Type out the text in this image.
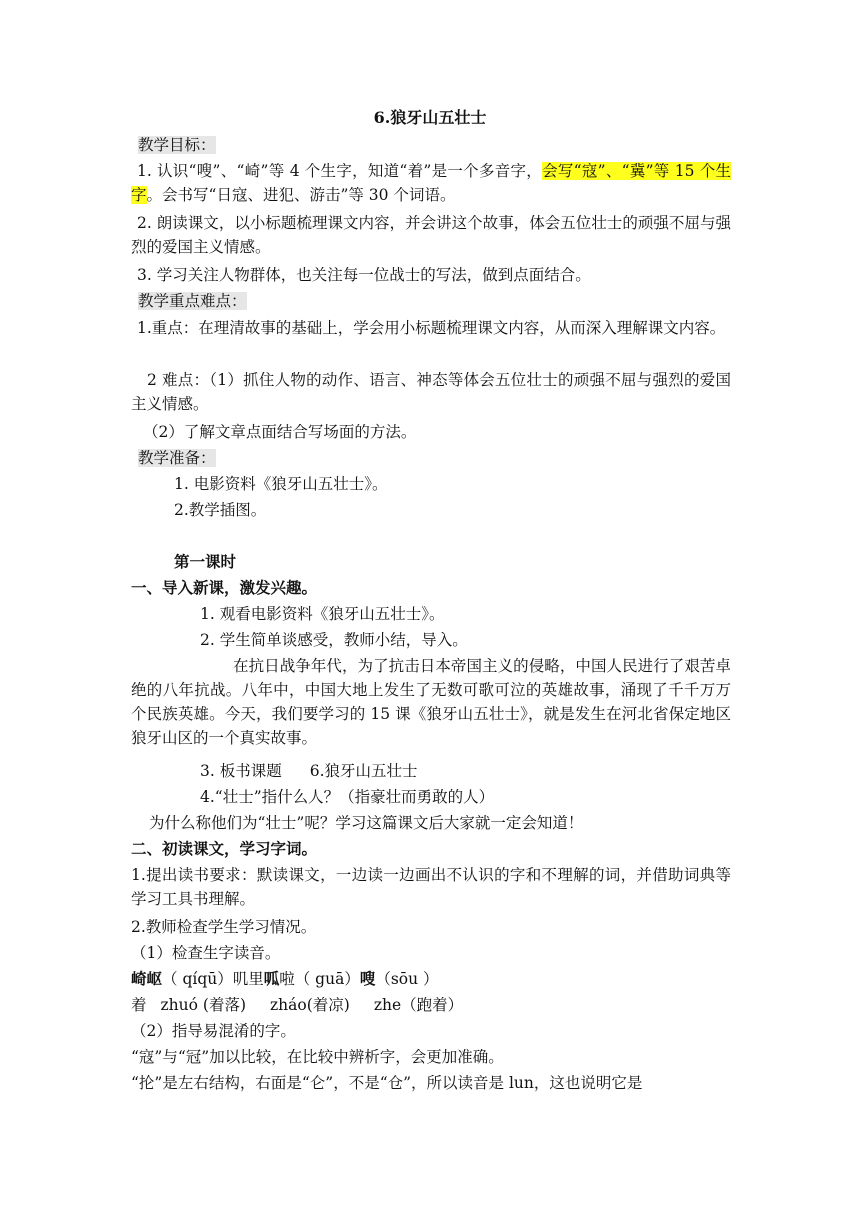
6.狼牙山五壮士
教学目标：
1. 认识“嗖”、“崎”等 4 个生字，知道“着”是一个多音字，会写“寇”、“冀”等 15 个生字。会书写“日寇、进犯、游击”等 30 个词语。
2. 朗读课文，以小标题梳理课文内容，并会讲这个故事，体会五位壮士的顽强不屈与强烈的爱国主义情感。
3. 学习关注人物群体，也关注每一位战士的写法，做到点面结合。
教学重点难点：
1.重点：在理清故事的基础上，学会用小标题梳理课文内容，从而深入理解课文内容。
2 难点：（1）抓住人物的动作、语言、神态等体会五位壮士的顽强不屈与强烈的爱国主义情感。
（2）了解文章点面结合写场面的方法。
教学准备：
1. 电影资料《狼牙山五壮士》。
2.教学插图。
第一课时
一、导入新课，激发兴趣。
1. 观看电影资料《狼牙山五壮士》。
2. 学生简单谈感受，教师小结，导入。
在抗日战争年代，为了抗击日本帝国主义的侵略，中国人民进行了艰苦卓绝的八年抗战。八年中，中国大地上发生了无数可歌可泣的英雄故事，涌现了千千万万个民族英雄。今天，我们要学习的 15 课《狼牙山五壮士》，就是发生在河北省保定地区狼牙山区的一个真实故事。
3. 板书课题 6.狼牙山五壮士
4.“壮士”指什么人？（指豪壮而勇敢的人）
为什么称他们为“壮士”呢？学习这篇课文后大家就一定会知道！
二、初读课文，学习字词。
1.提出读书要求：默读课文，一边读一边画出不认识的字和不理解的词，并借助词典等学习工具书理解。
2.教师检查学生学习情况。
（1）检查生字读音。
崎岖（ qíqū）叽里呱啦（ guā）嗖（sōu ）
着 zhuó (着落) zháo(着凉) zhe（跑着）
（2）指导易混淆的字。
“寇”与“冠”加以比较，在比较中辨析字，会更加准确。
“抡”是左右结构，右面是“仑”，不是“仓”，所以读音是 lun，这也说明它是
